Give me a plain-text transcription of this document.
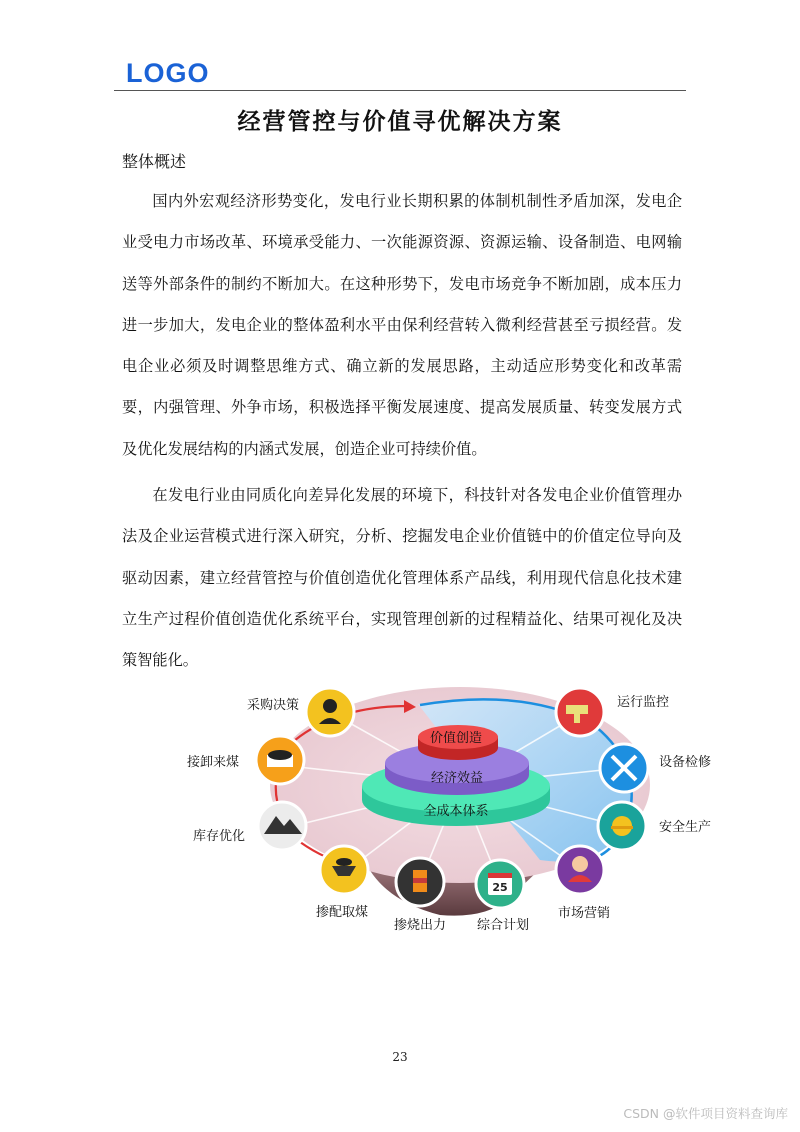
LOGO
经营管控与价值寻优解决方案
整体概述

国内外宏观经济形势变化，发电行业长期积累的体制机制性矛盾加深，发电企业受电力市场改革、环境承受能力、一次能源资源、资源运输、设备制造、电网输送等外部条件的制约不断加大。在这种形势下，发电市场竞争不断加剧，成本压力进一步加大，发电企业的整体盈利水平由保利经营转入微利经营甚至亏损经营。发电企业必须及时调整思维方式、确立新的发展思路，主动适应形势变化和改革需要，内强管理、外争市场，积极选择平衡发展速度、提高发展质量、转变发展方式及优化发展结构的内涵式发展，创造企业可持续价值。

在发电行业由同质化向差异化发展的环境下，科技针对各发电企业价值管理办法及企业运营模式进行深入研究，分析、挖掘发电企业价值链中的价值定位导向及驱动因素，建立经营管控与价值创造优化管理体系产品线，利用现代信息化技术建立生产过程价值创造优化系统平台，实现管理创新的过程精益化、结果可视化及决策智能化。

价值创造
经济效益
全成本体系
采购决策
接卸来煤
库存优化
掺配取煤
掺烧出力
25
综合计划
运行监控
设备检修
安全生产
市场营销
23
CSDN @软件项目资料查询库
